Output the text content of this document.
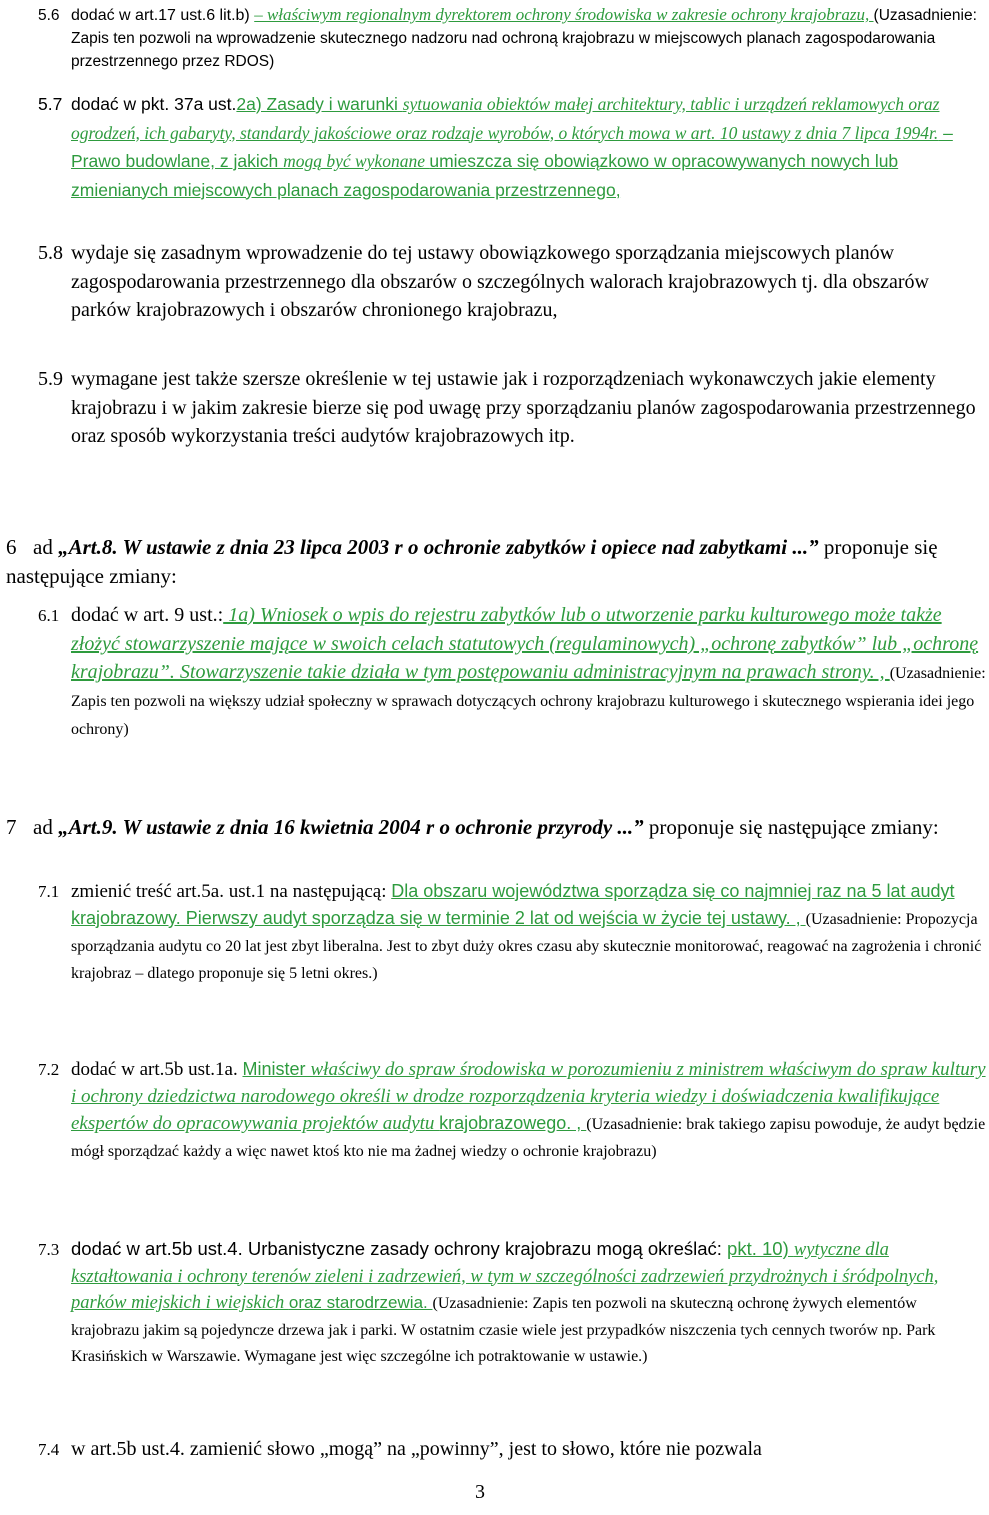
5.6 dodać w art.17 ust.6 lit.b) – właściwym regionalnym dyrektorem ochrony środowiska w zakresie ochrony krajobrazu, (Uzasadnienie: Zapis ten pozwoli na wprowadzenie skutecznego nadzoru nad ochroną krajobrazu w miejscowych planach zagospodarowania przestrzennego przez RDOS)
5.7 dodać w pkt. 37a ust.2a) Zasady i warunki sytuowania obiektów małej architektury, tablic i urządzeń reklamowych oraz ogrodzeń, ich gabaryty, standardy jakościowe oraz rodzaje wyrobów, o których mowa w art. 10 ustawy z dnia 7 lipca 1994r. – Prawo budowlane, z jakich mogą być wykonane umieszcza się obowiązkowo w opracowywanych nowych lub zmienianych miejscowych planach zagospodarowania przestrzennego,
5.8 wydaje się zasadnym wprowadzenie do tej ustawy obowiązkowego sporządzania miejscowych planów zagospodarowania przestrzennego dla obszarów o szczególnych walorach krajobrazowych tj. dla obszarów parków krajobrazowych i obszarów chronionego krajobrazu,
5.9 wymagane jest także szersze określenie w tej ustawie jak i rozporządzeniach wykonawczych jakie elementy krajobrazu i w jakim zakresie bierze się pod uwagę przy sporządzaniu planów zagospodarowania przestrzennego oraz sposób wykorzystania treści audytów krajobrazowych itp.
6 ad „Art.8. W ustawie z dnia 23 lipca 2003 r o ochronie zabytków i opiece nad zabytkami ...” proponuje się następujące zmiany:
6.1 dodać w art. 9 ust.: 1a) Wniosek o wpis do rejestru zabytków lub o utworzenie parku kulturowego może także złożyć stowarzyszenie mające w swoich celach statutowych (regulaminowych) „ochronę zabytków” lub „ochronę krajobrazu”. Stowarzyszenie takie działa w tym postępowaniu administracyjnym na prawach strony. , (Uzasadnienie: Zapis ten pozwoli na większy udział społeczny w sprawach dotyczących ochrony krajobrazu kulturowego i skutecznego wspierania idei jego ochrony)
7 ad „Art.9. W ustawie z dnia 16 kwietnia 2004 r o ochronie przyrody ...” proponuje się następujące zmiany:
7.1 zmienić treść art.5a. ust.1 na następującą: Dla obszaru województwa sporządza się co najmniej raz na 5 lat audyt krajobrazowy. Pierwszy audyt sporządza się w terminie 2 lat od wejścia w życie tej ustawy. , (Uzasadnienie: Propozycja sporządzania audytu co 20 lat jest zbyt liberalna. Jest to zbyt duży okres czasu aby skutecznie monitorować, reagować na zagrożenia i chronić krajobraz – dlatego proponuje się 5 letni okres.)
7.2 dodać w art.5b ust.1a. Minister właściwy do spraw środowiska w porozumieniu z ministrem właściwym do spraw kultury i ochrony dziedzictwa narodowego określi w drodze rozporządzenia kryteria wiedzy i doświadczenia kwalifikujące ekspertów do opracowywania projektów audytu krajobrazowego. , (Uzasadnienie: brak takiego zapisu powoduje, że audyt będzie mógł sporządzać każdy a więc nawet ktoś kto nie ma żadnej wiedzy o ochronie krajobrazu)
7.3 dodać w art.5b ust.4. Urbanistyczne zasady ochrony krajobrazu mogą określać: pkt. 10) wytyczne dla kształtowania i ochrony terenów zieleni i zadrzewień, w tym w szczególności zadrzewień przydrożnych i śródpolnych, parków miejskich i wiejskich oraz starodrzewia. (Uzasadnienie: Zapis ten pozwoli na skuteczną ochronę żywych elementów krajobrazu jakim są pojedyncze drzewa jak i parki. W ostatnim czasie wiele jest przypadków niszczenia tych cennych tworów np. Park Krasińskich w Warszawie. Wymagane jest więc szczególne ich potraktowanie w ustawie.)
7.4 w art.5b ust.4. zamienić słowo „mogą” na „powinny”, jest to słowo, które nie pozwala
3
